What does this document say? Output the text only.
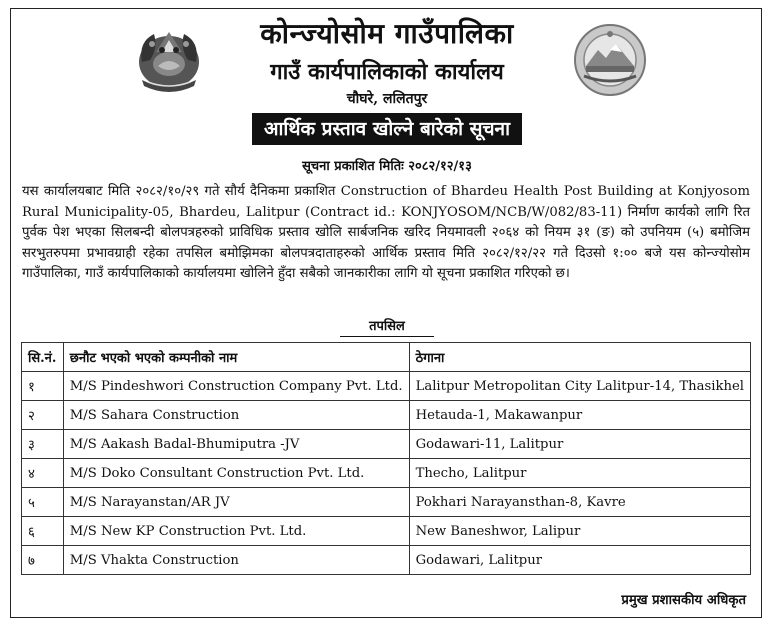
कोन्ज्योसोम गाउँपालिका
गाउँ कार्यपालिकाको कार्यालय
चौघरे, ललितपुर
आर्थिक प्रस्ताव खोल्ने बारेको सूचना
सूचना प्रकाशित मितिः २०८२/१२/१३

यस कार्यालयबाट मिति २०८२/१०/२९ गते सौर्य दैनिकमा प्रकाशित Construction of Bhardeu Health Post Building at Konjyosom Rural Municipality-05, Bhardeu, Lalitpur (Contract id.: KONJYOSOM/NCB/W/082/83-11) निर्माण कार्यको लागि रित पुर्वक पेश भएका सिलबन्दी बोलपत्रहरुको प्राविधिक प्रस्ताव खोलि सार्बजनिक खरिद नियमावली २०६४ को नियम ३१ (ङ) को उपनियम (५) बमोजिम सरभुतरुपमा प्रभावग्राही रहेका तपसिल बमोझिमका बोलपत्रदाताहरुको आर्थिक प्रस्ताव मिति २०८२/१२/२२ गते दिउसो १:०० बजे यस कोन्ज्योसोम गाउँपालिका, गाउँ कार्यपालिकाको कार्यालयमा खोलिने हुँदा सबैको जानकारीका लागि यो सूचना प्रकाशित गरिएको छ।

तपसिल
सि.नं.	छनौट भएको भएको कम्पनीको नाम	ठेगाना
१	M/S Pindeshwori Construction Company Pvt. Ltd.	Lalitpur Metropolitan City Lalitpur-14, Thasikhel
२	M/S Sahara Construction	Hetauda-1, Makawanpur
३	M/S Aakash Badal-Bhumiputra -JV	Godawari-11, Lalitpur
४	M/S Doko Consultant Construction Pvt. Ltd.	Thecho, Lalitpur
५	M/S Narayanstan/AR JV	Pokhari Narayansthan-8, Kavre
६	M/S New KP Construction Pvt. Ltd.	New Baneshwor, Lalipur
७	M/S Vhakta Construction	Godawari, Lalitpur
प्रमुख प्रशासकीय अधिकृत
